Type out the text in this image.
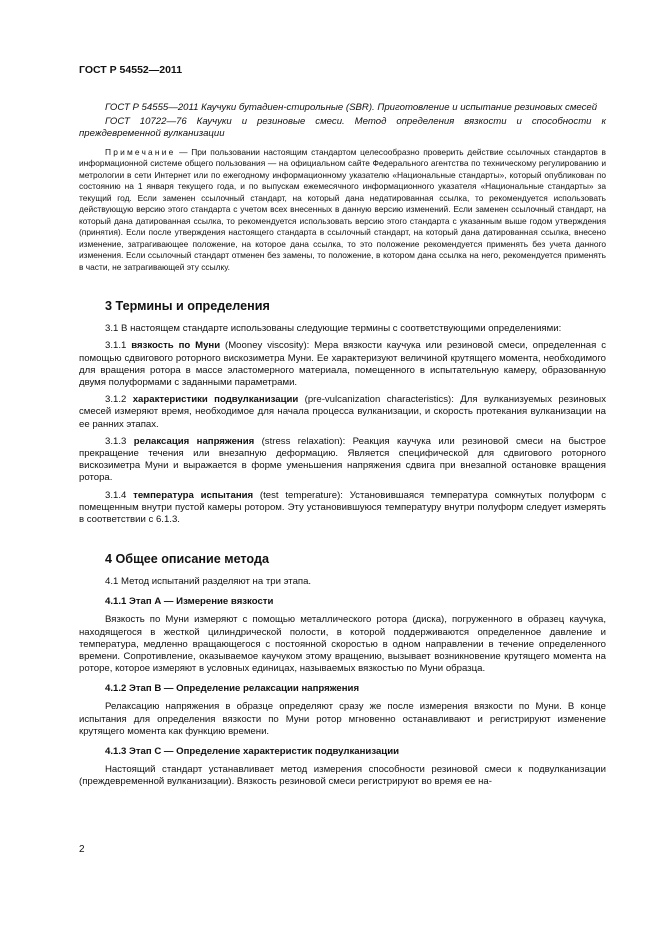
ГОСТ Р 54552—2011

ГОСТ Р 54555—2011 Каучуки бутадиен-стирольные (SBR). Приготовление и испытание резиновых смесей

ГОСТ 10722—76 Каучуки и резиновые смеси. Метод определения вязкости и способности к преждевременной вулканизации

Примечание — При пользовании настоящим стандартом целесообразно проверить действие ссылочных стандартов в информационной системе общего пользования — на официальном сайте Федерального агентства по техническому регулированию и метрологии в сети Интернет или по ежегодному информационному указателю «Национальные стандарты», который опубликован по состоянию на 1 января текущего года, и по выпускам ежемесячного информационного указателя «Национальные стандарты» за текущий год. Если заменен ссылочный стандарт, на который дана недатированная ссылка, то рекомендуется использовать действующую версию этого стандарта с учетом всех внесенных в данную версию изменений. Если заменен ссылочный стандарт, на который дана датированная ссылка, то рекомендуется использовать версию этого стандарта с указанным выше годом утверждения (принятия). Если после утверждения настоящего стандарта в ссылочный стандарт, на который дана датированная ссылка, внесено изменение, затрагивающее положение, на которое дана ссылка, то это положение рекомендуется применять без учета данного изменения. Если ссылочный стандарт отменен без замены, то положение, в котором дана ссылка на него, рекомендуется применять в части, не затрагивающей эту ссылку.

3 Термины и определения

3.1 В настоящем стандарте использованы следующие термины с соответствующими определениями:

3.1.1 вязкость по Муни (Mooney viscosity): Мера вязкости каучука или резиновой смеси, определенная с помощью сдвигового роторного вискозиметра Муни. Ее характеризуют величиной крутящего момента, необходимого для вращения ротора в массе эластомерного материала, помещенного в испытательную камеру, образованную двумя полуформами с заданными параметрами.

3.1.2 характеристики подвулканизации (pre-vulcanization characteristics): Для вулканизуемых резиновых смесей измеряют время, необходимое для начала процесса вулканизации, и скорость протекания вулканизации на ее ранних этапах.

3.1.3 релаксация напряжения (stress relaxation): Реакция каучука или резиновой смеси на быстрое прекращение течения или внезапную деформацию. Является специфической для сдвигового роторного вискозиметра Муни и выражается в форме уменьшения напряжения сдвига при внезапной остановке вращения ротора.

3.1.4 температура испытания (test temperature): Установившаяся температура сомкнутых полуформ с помещенным внутри пустой камеры ротором. Эту установившуюся температуру внутри полуформ следует измерять в соответствии с 6.1.3.

4 Общее описание метода

4.1 Метод испытаний разделяют на три этапа.

4.1.1 Этап А — Измерение вязкости

Вязкость по Муни измеряют с помощью металлического ротора (диска), погруженного в образец каучука, находящегося в жесткой цилиндрической полости, в которой поддерживаются определенное давление и температура, медленно вращающегося с постоянной скоростью в одном направлении в течение определенного времени. Сопротивление, оказываемое каучуком этому вращению, вызывает возникновение крутящего момента на роторе, которое измеряют в условных единицах, называемых вязкостью по Муни образца.

4.1.2 Этап В — Определение релаксации напряжения

Релаксацию напряжения в образце определяют сразу же после измерения вязкости по Муни. В конце испытания для определения вязкости по Муни ротор мгновенно останавливают и регистрируют изменение крутящего момента как функцию времени.

4.1.3 Этап С — Определение характеристик подвулканизации

Настоящий стандарт устанавливает метод измерения способности резиновой смеси к подвулканизации (преждевременной вулканизации). Вязкость резиновой смеси регистрируют во время ее на-

2
